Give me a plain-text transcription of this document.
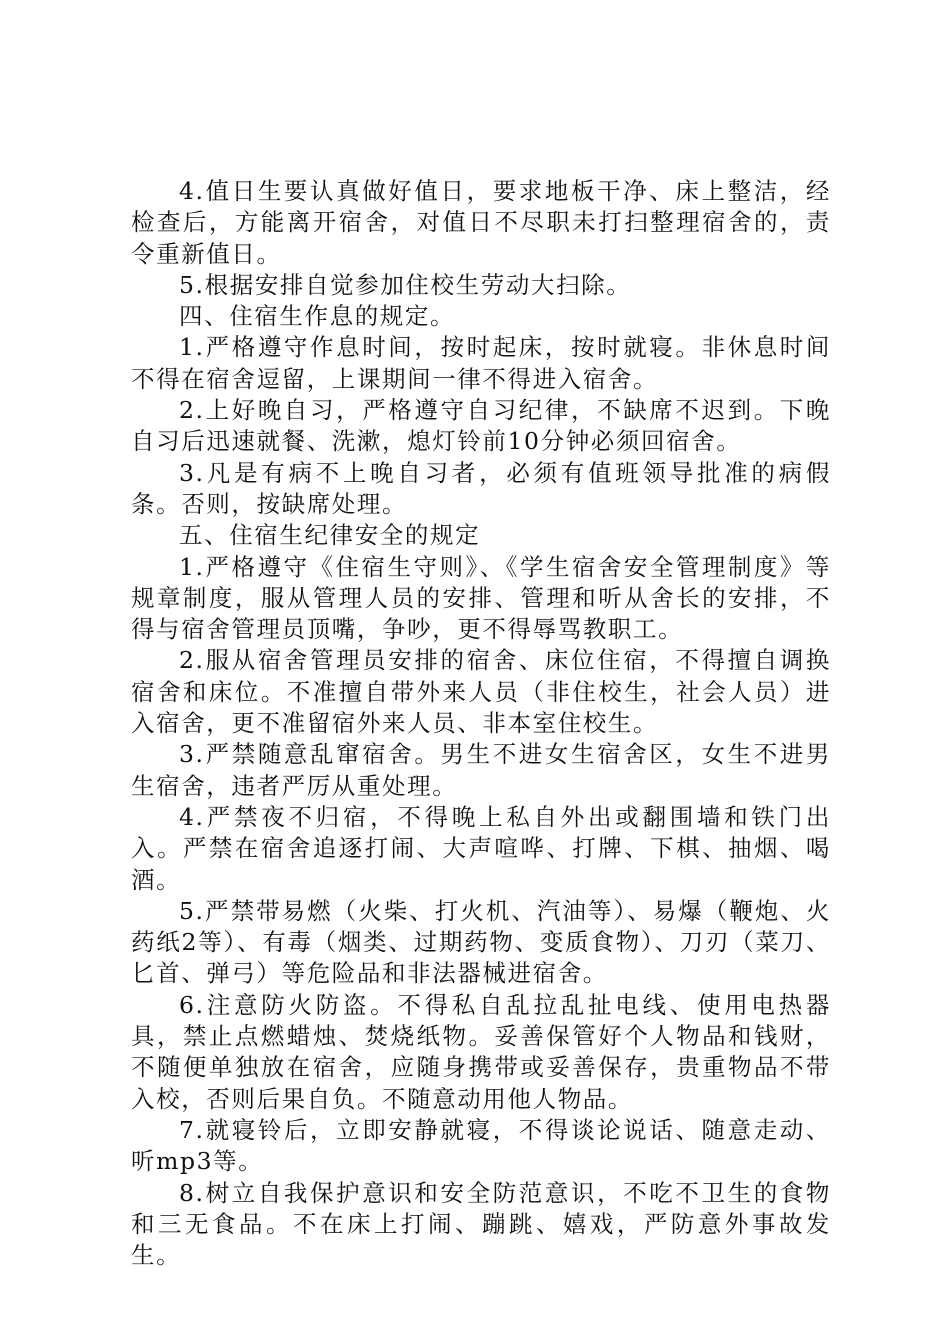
4.值日生要认真做好值日，要求地板干净、床上整洁，经检查后，方能离开宿舍，对值日不尽职未打扫整理宿舍的，责令重新值日。

5.根据安排自觉参加住校生劳动大扫除。

四、住宿生作息的规定。

1.严格遵守作息时间，按时起床，按时就寝。非休息时间不得在宿舍逗留，上课期间一律不得进入宿舍。

2.上好晚自习，严格遵守自习纪律，不缺席不迟到。下晚自习后迅速就餐、洗漱，熄灯铃前10分钟必须回宿舍。

3.凡是有病不上晚自习者，必须有值班领导批准的病假条。否则，按缺席处理。

五、住宿生纪律安全的规定

1.严格遵守《住宿生守则》、《学生宿舍安全管理制度》等规章制度，服从管理人员的安排、管理和听从舍长的安排，不得与宿舍管理员顶嘴，争吵，更不得辱骂教职工。

2.服从宿舍管理员安排的宿舍、床位住宿，不得擅自调换宿舍和床位。不准擅自带外来人员（非住校生，社会人员）进入宿舍，更不准留宿外来人员、非本室住校生。

3.严禁随意乱窜宿舍。男生不进女生宿舍区，女生不进男生宿舍，违者严厉从重处理。

4.严禁夜不归宿，不得晚上私自外出或翻围墙和铁门出入。严禁在宿舍追逐打闹、大声喧哗、打牌、下棋、抽烟、喝酒。

5.严禁带易燃（火柴、打火机、汽油等）、易爆（鞭炮、火药纸2等）、有毒（烟类、过期药物、变质食物）、刀刃（菜刀、匕首、弹弓）等危险品和非法器械进宿舍。

6.注意防火防盗。不得私自乱拉乱扯电线、使用电热器具，禁止点燃蜡烛、焚烧纸物。妥善保管好个人物品和钱财，不随便单独放在宿舍，应随身携带或妥善保存，贵重物品不带入校，否则后果自负。不随意动用他人物品。

7.就寝铃后，立即安静就寝，不得谈论说话、随意走动、听mp3等。

8.树立自我保护意识和安全防范意识，不吃不卫生的食物和三无食品。不在床上打闹、蹦跳、嬉戏，严防意外事故发生。
